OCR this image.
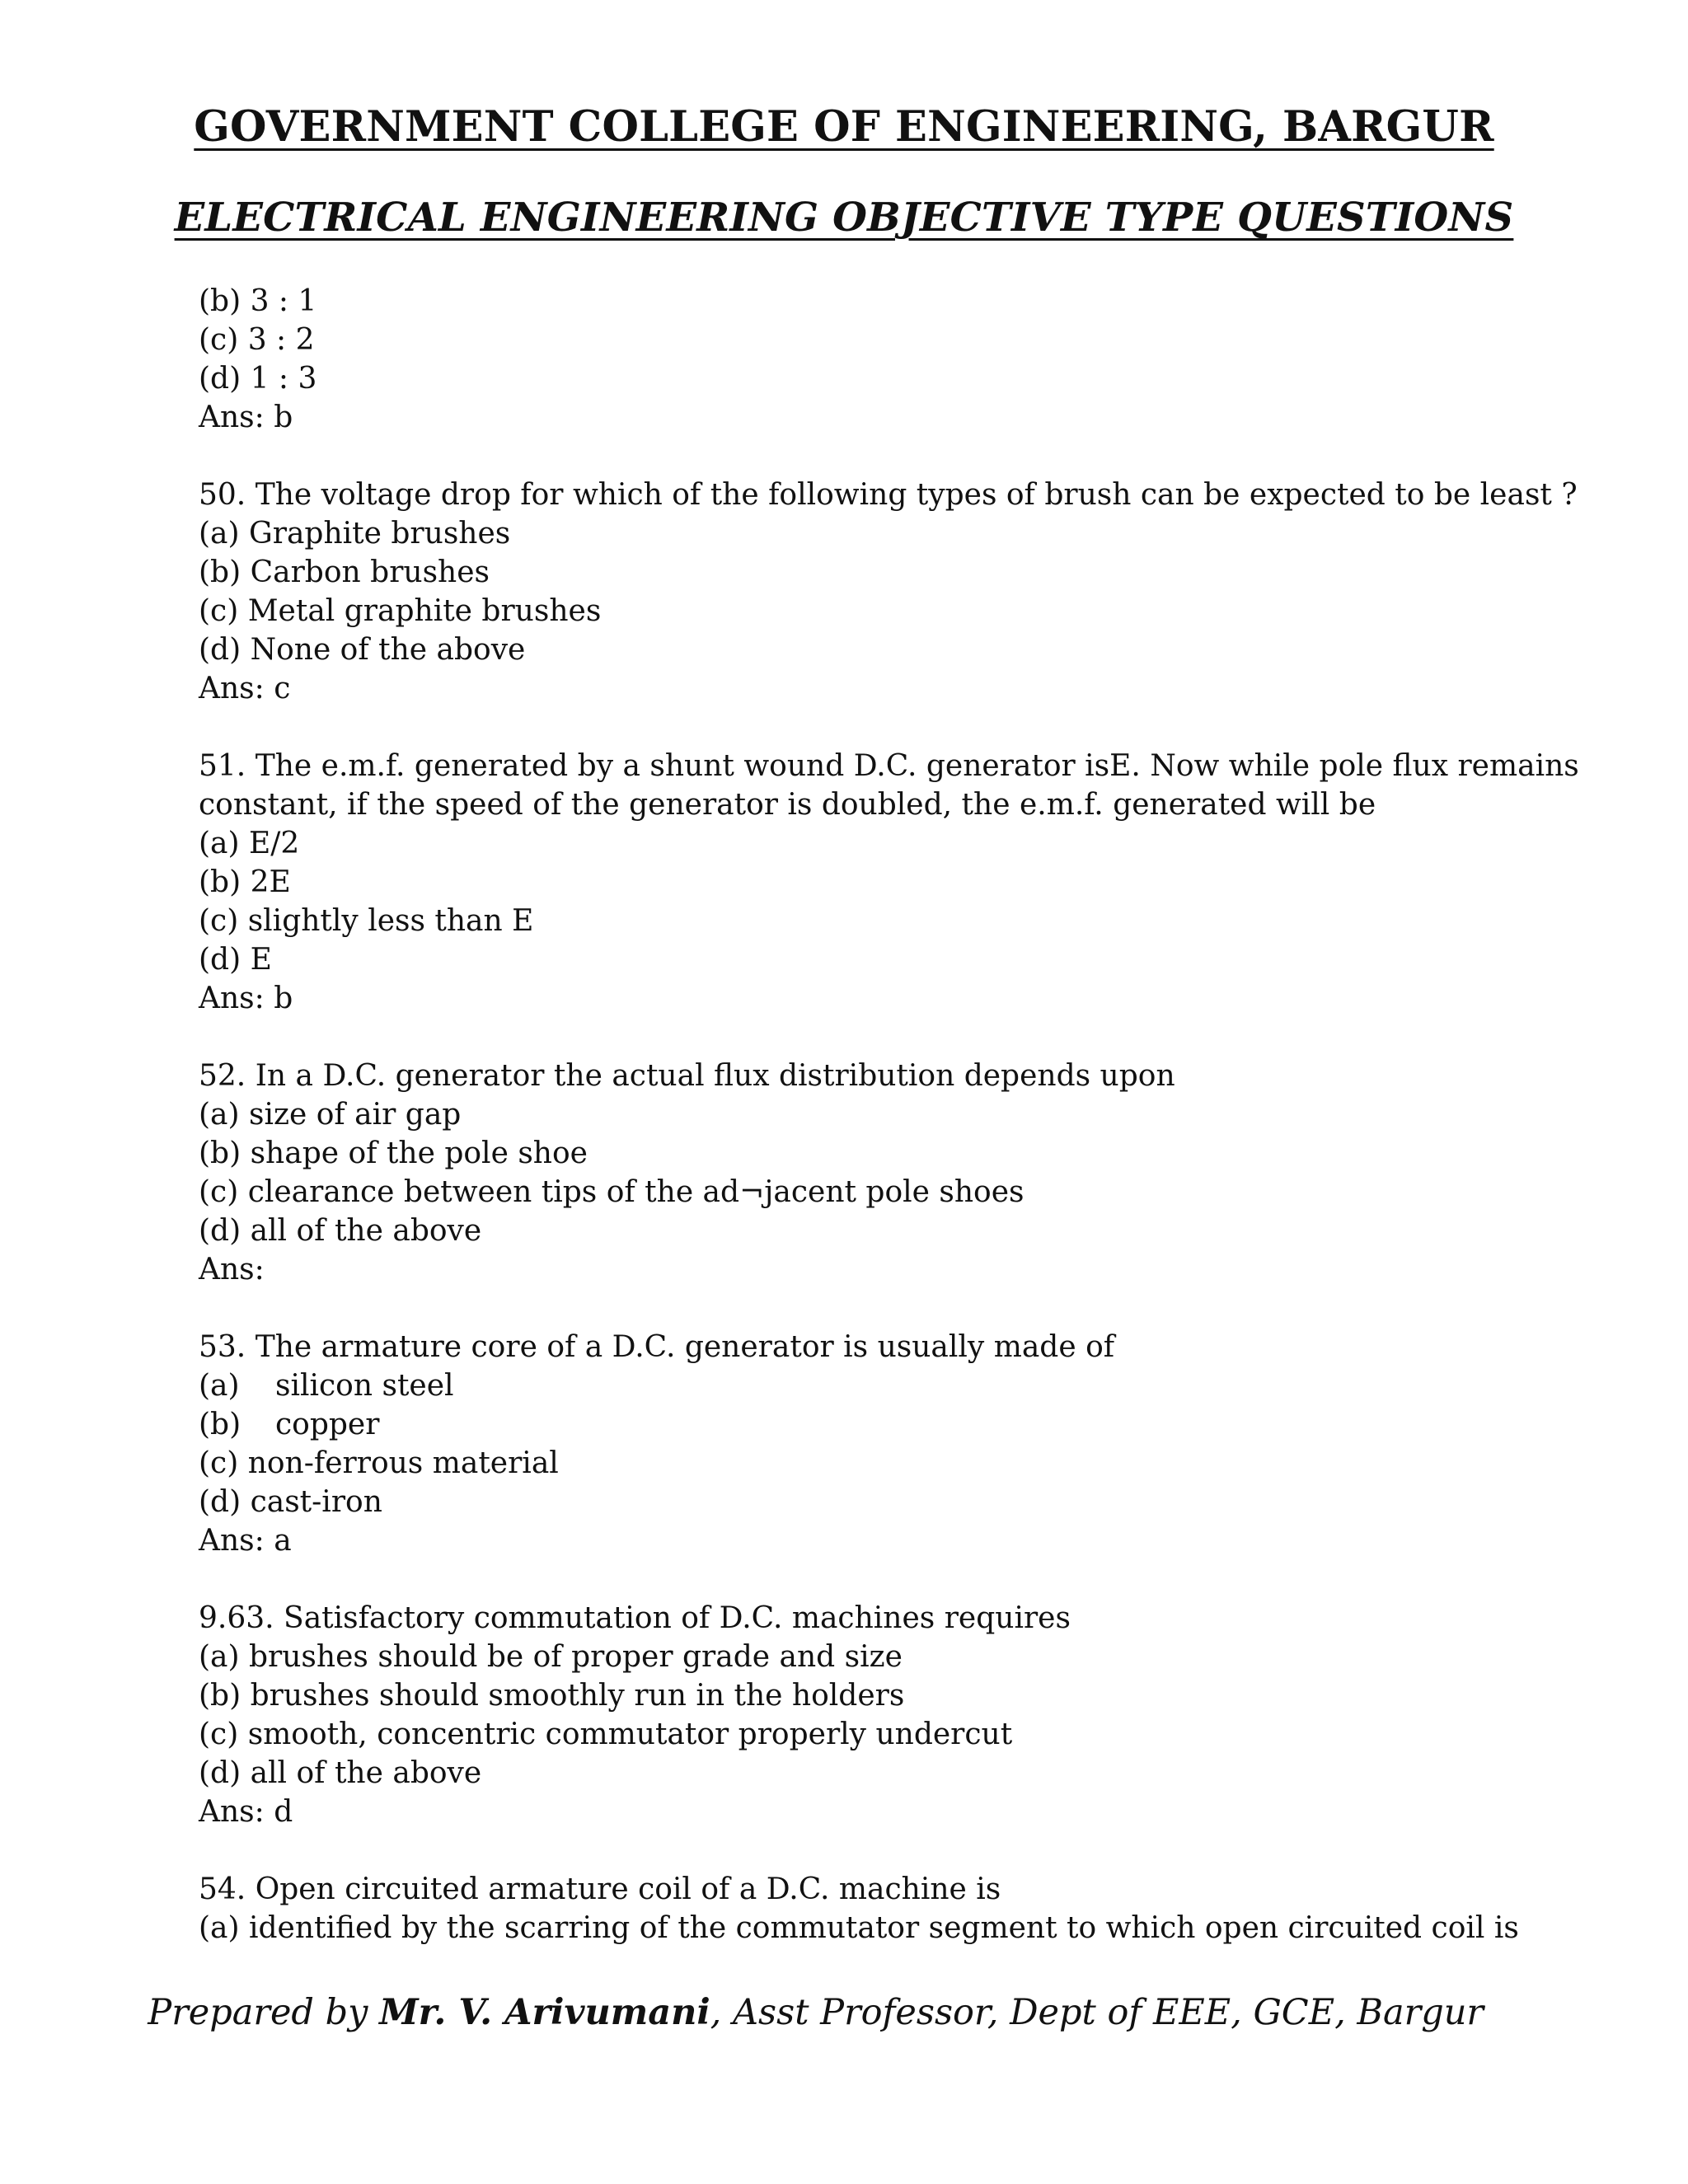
GOVERNMENT COLLEGE OF ENGINEERING, BARGUR
ELECTRICAL ENGINEERING OBJECTIVE TYPE QUESTIONS
(b) 3 : 1
(c) 3 : 2
(d) 1 : 3
Ans: b
50. The voltage drop for which of the following types of brush can be expected to be least ?
(a) Graphite brushes
(b) Carbon brushes
(c) Metal graphite brushes
(d) None of the above
Ans: c
51. The e.m.f. generated by a shunt wound D.C. generator isE. Now while pole flux remains
constant, if the speed of the generator is doubled, the e.m.f. generated will be
(a) E/2
(b) 2E
(c) slightly less than E
(d) E
Ans: b
52. In a D.C. generator the actual flux distribution depends upon
(a) size of air gap
(b) shape of the pole shoe
(c) clearance between tips of the ad¬jacent pole shoes
(d) all of the above
Ans:
53. The armature core of a D.C. generator is usually made of
(a) silicon steel
(b) copper
(c) non-ferrous material
(d) cast-iron
Ans: a
9.63. Satisfactory commutation of D.C. machines requires
(a) brushes should be of proper grade and size
(b) brushes should smoothly run in the holders
(c) smooth, concentric commutator properly undercut
(d) all of the above
Ans: d
54. Open circuited armature coil of a D.C. machine is
(a) identified by the scarring of the commutator segment to which open circuited coil is
Prepared by Mr. V. Arivumani, Asst Professor, Dept of EEE, GCE, Bargur
